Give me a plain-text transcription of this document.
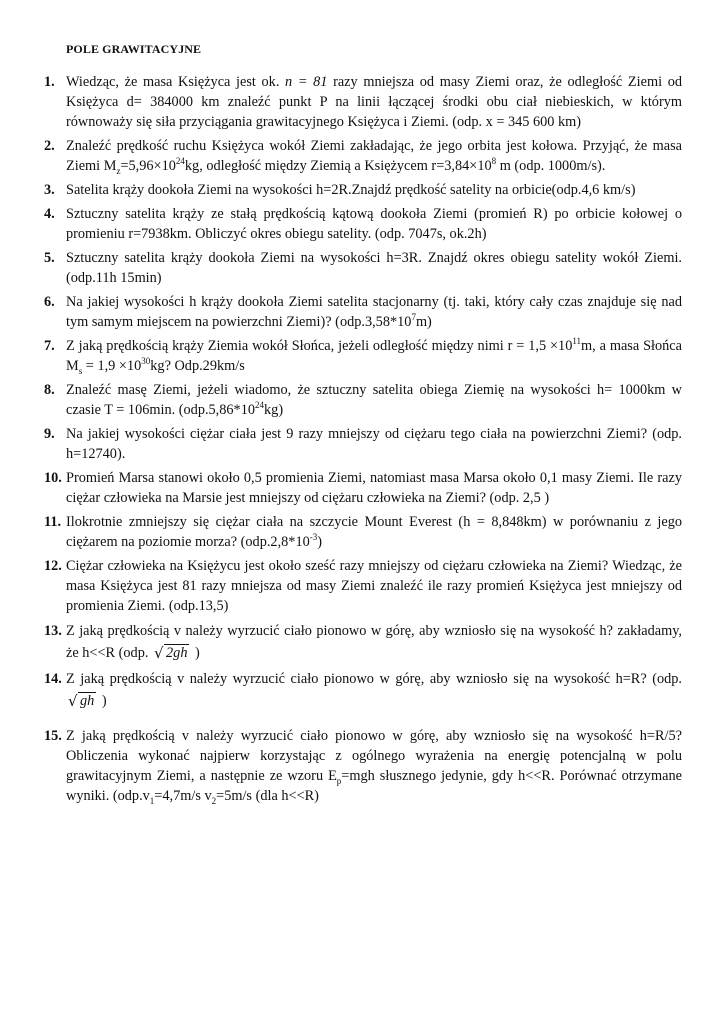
POLE GRAWITACYJNE
1. Wiedząc, że masa Księżyca jest ok. n = 81 razy mniejsza od masy Ziemi oraz, że odległość Ziemi od Księżyca d= 384000 km znaleźć punkt P na linii łączącej środki obu ciał niebieskich, w którym równoważy się siła przyciągania grawitacyjnego Księżyca i Ziemi. (odp. x = 345 600 km)
2. Znaleźć prędkość ruchu Księżyca wokół Ziemi zakładając, że jego orbita jest kołowa. Przyjąć, że masa Ziemi $M_z=5,96\times 10^{24}kg$, odległość między Ziemią a Księżycem $r=3,84\times 10^8$ m (odp. 1000m/s).
3. Satelita krąży dookoła Ziemi na wysokości h=2R.Znajdź prędkość satelity na orbicie(odp.4,6 km/s)
4. Sztuczny satelita krąży ze stałą prędkością kątową dookoła Ziemi (promień R) po orbicie kołowej o promieniu r=7938km. Obliczyć okres obiegu satelity. (odp. 7047s, ok.2h)
5. Sztuczny satelita krąży dookoła Ziemi na wysokości h=3R. Znajdź okres obiegu satelity wokół Ziemi. (odp.11h 15min)
6. Na jakiej wysokości h krąży dookoła Ziemi satelita stacjonarny (tj. taki, który cały czas znajduje się nad tym samym miejscem na powierzchni Ziemi)? $(odp.3,58*10^7m)$
7. Z jaką prędkością krąży Ziemia wokół Słońca, jeżeli odległość między nimi $r = 1,5 \times 10^{11}m$, a masa Słońca $M_s = 1,9 \times 10^{30}kg$? Odp.29km/s
8. Znaleźć masę Ziemi, jeżeli wiadomo, że sztuczny satelita obiega Ziemię na wysokości h= 1000km w czasie T = 106min. $(odp.5,86*10^{24}kg)$
9. Na jakiej wysokości ciężar ciała jest 9 razy mniejszy od ciężaru tego ciała na powierzchni Ziemi? (odp. h=12740).
10. Promień Marsa stanowi około 0,5 promienia Ziemi, natomiast masa Marsa około 0,1 masy Ziemi. Ile razy ciężar człowieka na Marsie jest mniejszy od ciężaru człowieka na Ziemi? (odp. 2,5 )
11. Ilokrotnie zmniejszy się ciężar ciała na szczycie Mount Everest (h = 8,848km) w porównaniu z jego ciężarem na poziomie morza? $(odp.2,8*10^{-3})$
12. Ciężar człowieka na Księżycu jest około sześć razy mniejszy od ciężaru człowieka na Ziemi? Wiedząc, że masa Księżyca jest 81 razy mniejsza od masy Ziemi znaleźć ile razy promień Księżyca jest mniejszy od promienia Ziemi. (odp.13,5)
13. Z jaką prędkością v należy wyrzucić ciało pionowo w górę, aby wzniosło się na wysokość h? zakładamy, że h<<R (odp. √ 2gh )
14. Z jaką prędkością v należy wyrzucić ciało pionowo w górę, aby wzniosło się na wysokość h=R? (odp.
√ gh )
15. Z jaką prędkością v należy wyrzucić ciało pionowo w górę, aby wzniosło się na wysokość h=R/5? Obliczenia wykonać najpierw korzystając z ogólnego wyrażenia na energię potencjalną w polu grawitacyjnym Ziemi, a następnie ze wzoru $E_p=mgh$ słusznego jedynie, gdy h<<R. Porównać otrzymane wyniki. ($odp.v_1=4,7m/s$ $v_2=5m/s$ (dla h<<R)
